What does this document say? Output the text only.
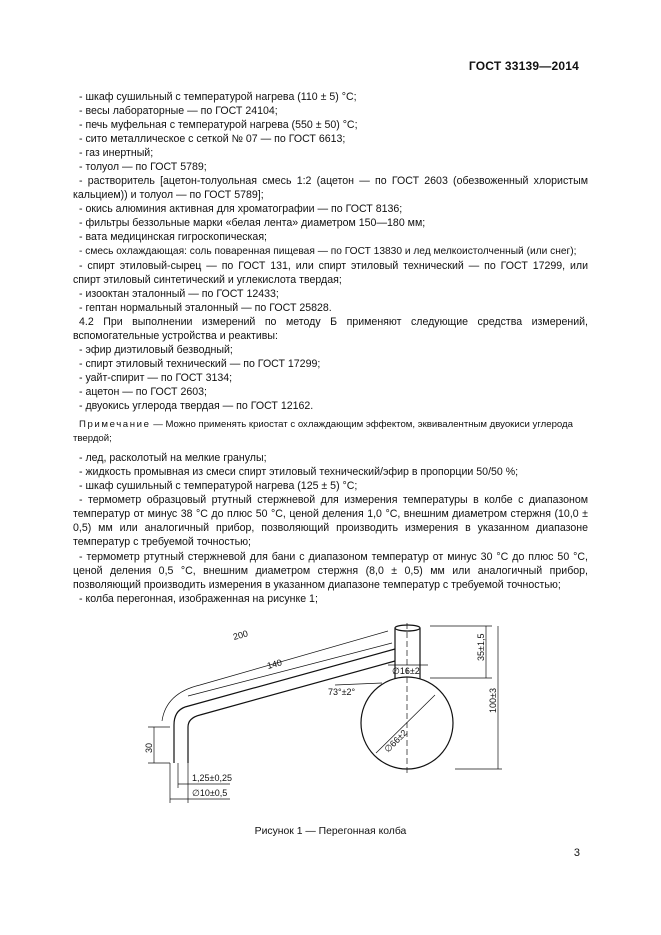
ГОСТ 33139—2014

- шкаф сушильный с температурой нагрева (110 ± 5) °С;

- весы лабораторные — по ГОСТ 24104;

- печь муфельная с температурой нагрева (550 ± 50) °С;

- сито металлическое с сеткой № 07 — по ГОСТ 6613;

- газ инертный;

- толуол — по ГОСТ 5789;

- растворитель [ацетон-толуольная смесь 1:2 (ацетон — по ГОСТ 2603 (обезвоженный хлористым кальцием)) и толуол — по ГОСТ 5789];

- окись алюминия активная для хроматографии — по ГОСТ 8136;

- фильтры беззольные марки «белая лента» диаметром 150—180 мм;

- вата медицинская гигроскопическая;

- смесь охлаждающая: соль поваренная пищевая — по ГОСТ 13830 и лед мелкоистолченный (или снег);

- спирт этиловый-сырец — по ГОСТ 131, или спирт этиловый технический — по ГОСТ 17299, или спирт этиловый синтетический и углекислота твердая;

- изооктан эталонный — по ГОСТ 12433;

- гептан нормальный эталонный — по ГОСТ 25828.

4.2 При выполнении измерений по методу Б применяют следующие средства измерений, вспомогательные устройства и реактивы:

- эфир диэтиловый безводный;

- спирт этиловый технический — по ГОСТ 17299;

- уайт-спирит — по ГОСТ 3134;

- ацетон — по ГОСТ 2603;

- двуокись углерода твердая — по ГОСТ 12162.

Примечание — Можно применять криостат с охлаждающим эффектом, эквивалентным двуокиси углерода твердой;

- лед, расколотый на мелкие гранулы;

- жидкость промывная из смеси спирт этиловый технический/эфир в пропорции 50/50 %;

- шкаф сушильный с температурой нагрева (125 ± 5) °С;

- термометр образцовый ртутный стержневой для измерения температуры в колбе с диапазоном температур от минус 38 °С до плюс 50 °С, ценой деления 1,0 °С, внешним диаметром стержня (10,0 ± 0,5) мм или аналогичный прибор, позволяющий производить измерения в указанном диапазоне температур с требуемой точностью;

- термометр ртутный стержневой для бани с диапазоном температур от минус 30 °С до плюс 50 °С, ценой деления 0,5 °С, внешним диаметром стержня (8,0 ± 0,5) мм или аналогичный прибор, позволяющий производить измерения в указанном диапазоне температур с требуемой точностью;

- колба перегонная, изображенная на рисунке 1;

200
140
∅16±2
35±1,5
100±3
73°±2°
∅66±2
30
1,25±0,25
∅10±0,5
Рисунок 1 — Перегонная колба
3
